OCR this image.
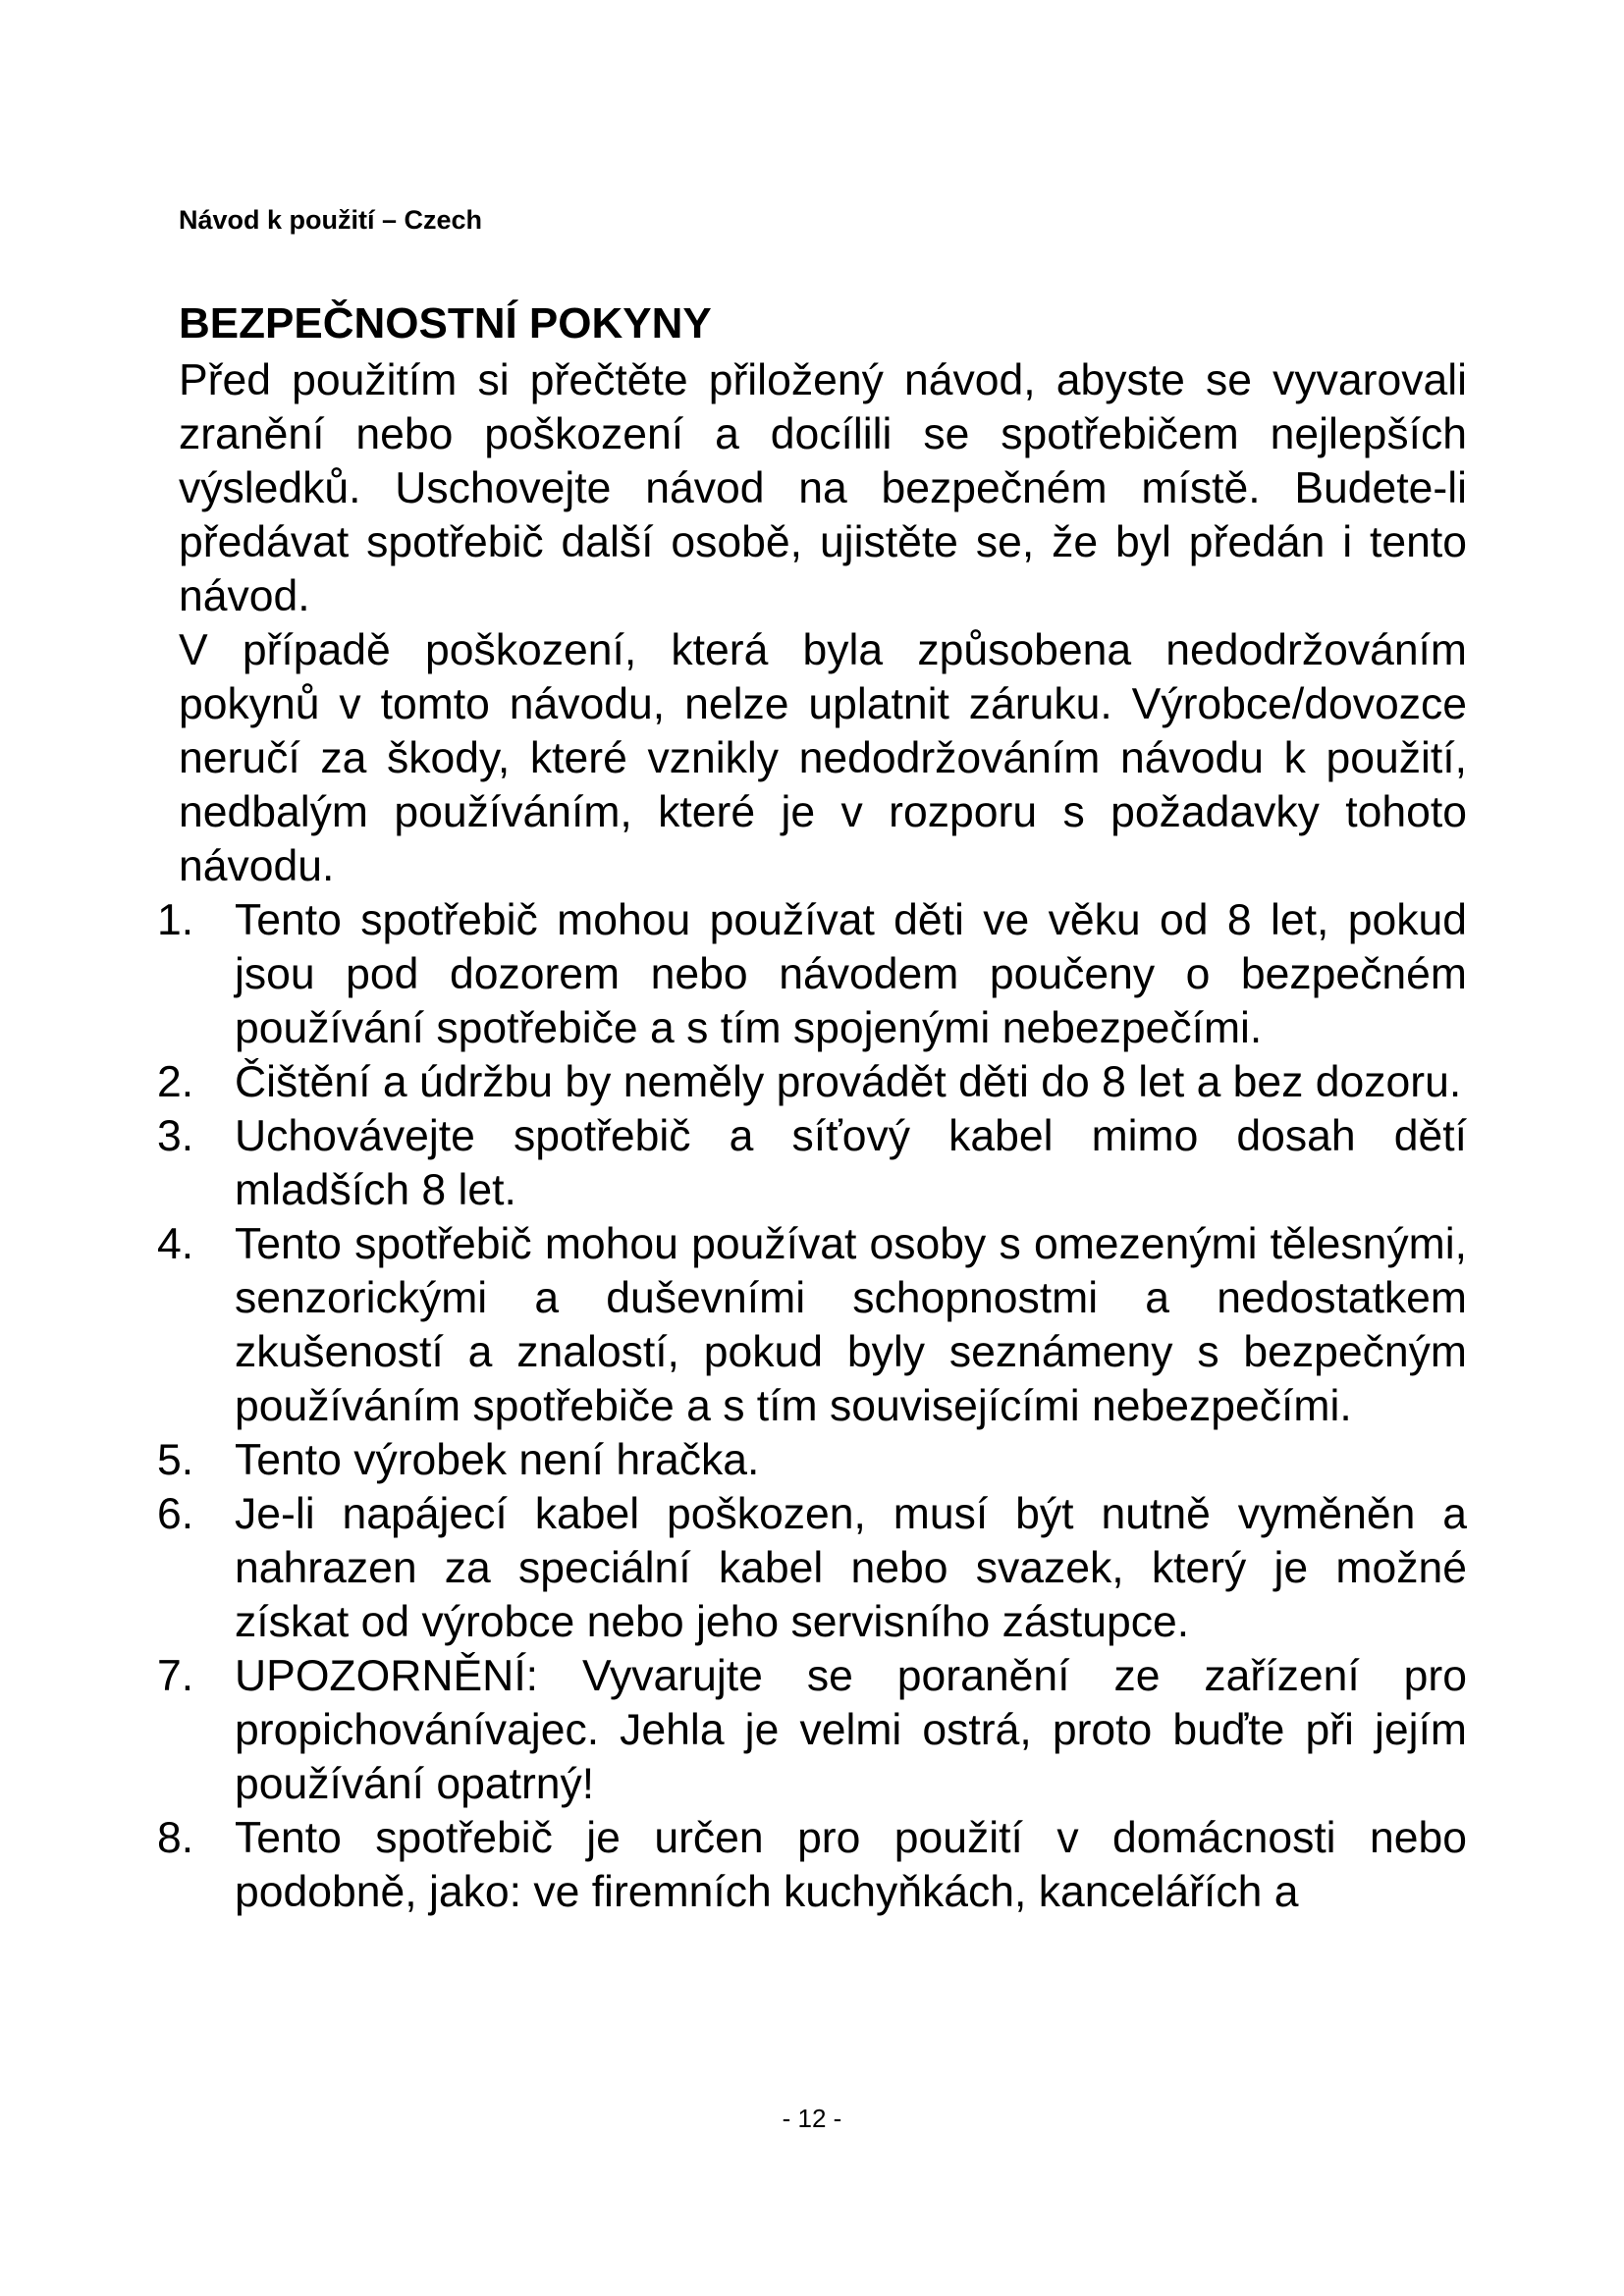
Návod k použití – Czech
BEZPEČNOSTNÍ POKYNY

Před použitím si přečtěte přiložený návod, abyste se vyvarovali zranění nebo poškození a docílili se spotřebičem nejlepších výsledků. Uschovejte návod na bezpečném místě. Budete-li předávat spotřebič další osobě, ujistěte se, že byl předán i tento návod.

V případě poškození, která byla způsobena nedodržováním pokynů v tomto návodu, nelze uplatnit záruku. Výrobce/dovozce neručí za škody, které vznikly nedodržováním návodu k použití, nedbalým používáním, které je v rozporu s požadavky tohoto návodu.

1. Tento spotřebič mohou používat děti ve věku od 8 let, pokud jsou pod dozorem nebo návodem poučeny o bezpečném používání spotřebiče a s tím spojenými nebezpečími.
2. Čištění a údržbu by neměly provádět děti do 8 let a bez dozoru.
3. Uchovávejte spotřebič a síťový kabel mimo dosah dětí mladších 8 let.
4. Tento spotřebič mohou používat osoby s omezenými tělesnými, senzorickými a duševními schopnostmi a nedostatkem zkušeností a znalostí, pokud byly seznámeny s bezpečným používáním spotřebiče a s tím souvisejícími nebezpečími.
5. Tento výrobek není hračka.
6. Je-li napájecí kabel poškozen, musí být nutně vyměněn a nahrazen za speciální kabel nebo svazek, který je možné získat od výrobce nebo jeho servisního zástupce.
7. UPOZORNĚNÍ: Vyvarujte se poranění ze zařízení pro propichovánívajec. Jehla je velmi ostrá, proto buďte při jejím používání opatrný!
8. Tento spotřebič je určen pro použití v domácnosti nebo podobně, jako: ve firemních kuchyňkách, kancelářích a
- 12 -
